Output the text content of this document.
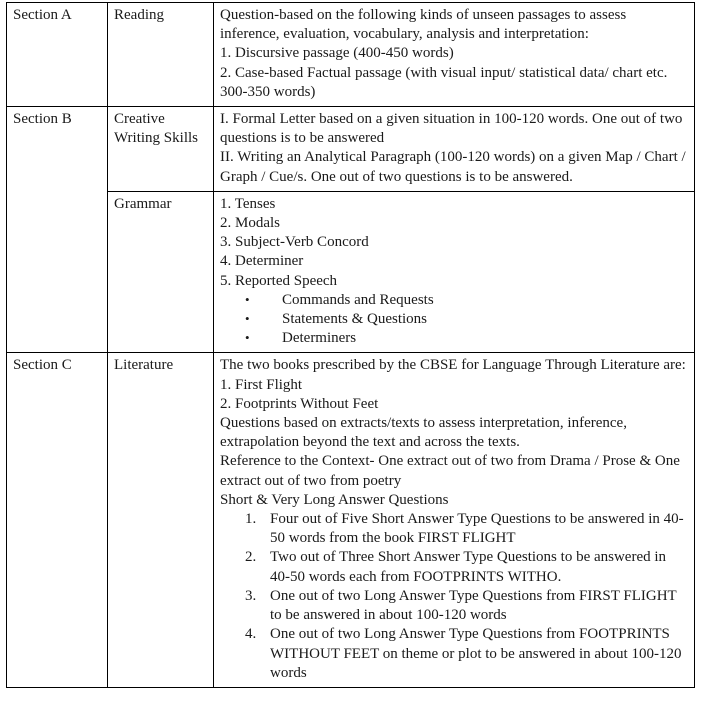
Section A	Reading	Question-based on the following kinds of unseen passages to assess inference, evaluation, vocabulary, analysis and interpretation:
1. Discursive passage (400-450 words)
2. Case-based Factual passage (with visual input/ statistical data/ chart etc. 300-350 words)

Section B	Creative Writing Skills	I. Formal Letter based on a given situation in 100-120 words. One out of two questions is to be answered
II. Writing an Analytical Paragraph (100-120 words) on a given Map / Chart / Graph / Cue/s. One out of two questions is to be answered.

Grammar	1. Tenses
2. Modals
3. Subject-Verb Concord
4. Determiner
5. Reported Speech
• Commands and Requests
• Statements & Questions
• Determiners

Section C	Literature	The two books prescribed by the CBSE for Language Through Literature are:
1. First Flight
2. Footprints Without Feet
Questions based on extracts/texts to assess interpretation, inference, extrapolation beyond the text and across the texts.
Reference to the Context- One extract out of two from Drama / Prose & One extract out of two from poetry
Short & Very Long Answer Questions
Four out of Five Short Answer Type Questions to be answered in 40-50 words from the book FIRST FLIGHT
Two out of Three Short Answer Type Questions to be answered in 40-50 words each from FOOTPRINTS WITHO.
One out of two Long Answer Type Questions from FIRST FLIGHT to be answered in about 100-120 words
One out of two Long Answer Type Questions from FOOTPRINTS WITHOUT FEET on theme or plot to be answered in about 100-120 words
